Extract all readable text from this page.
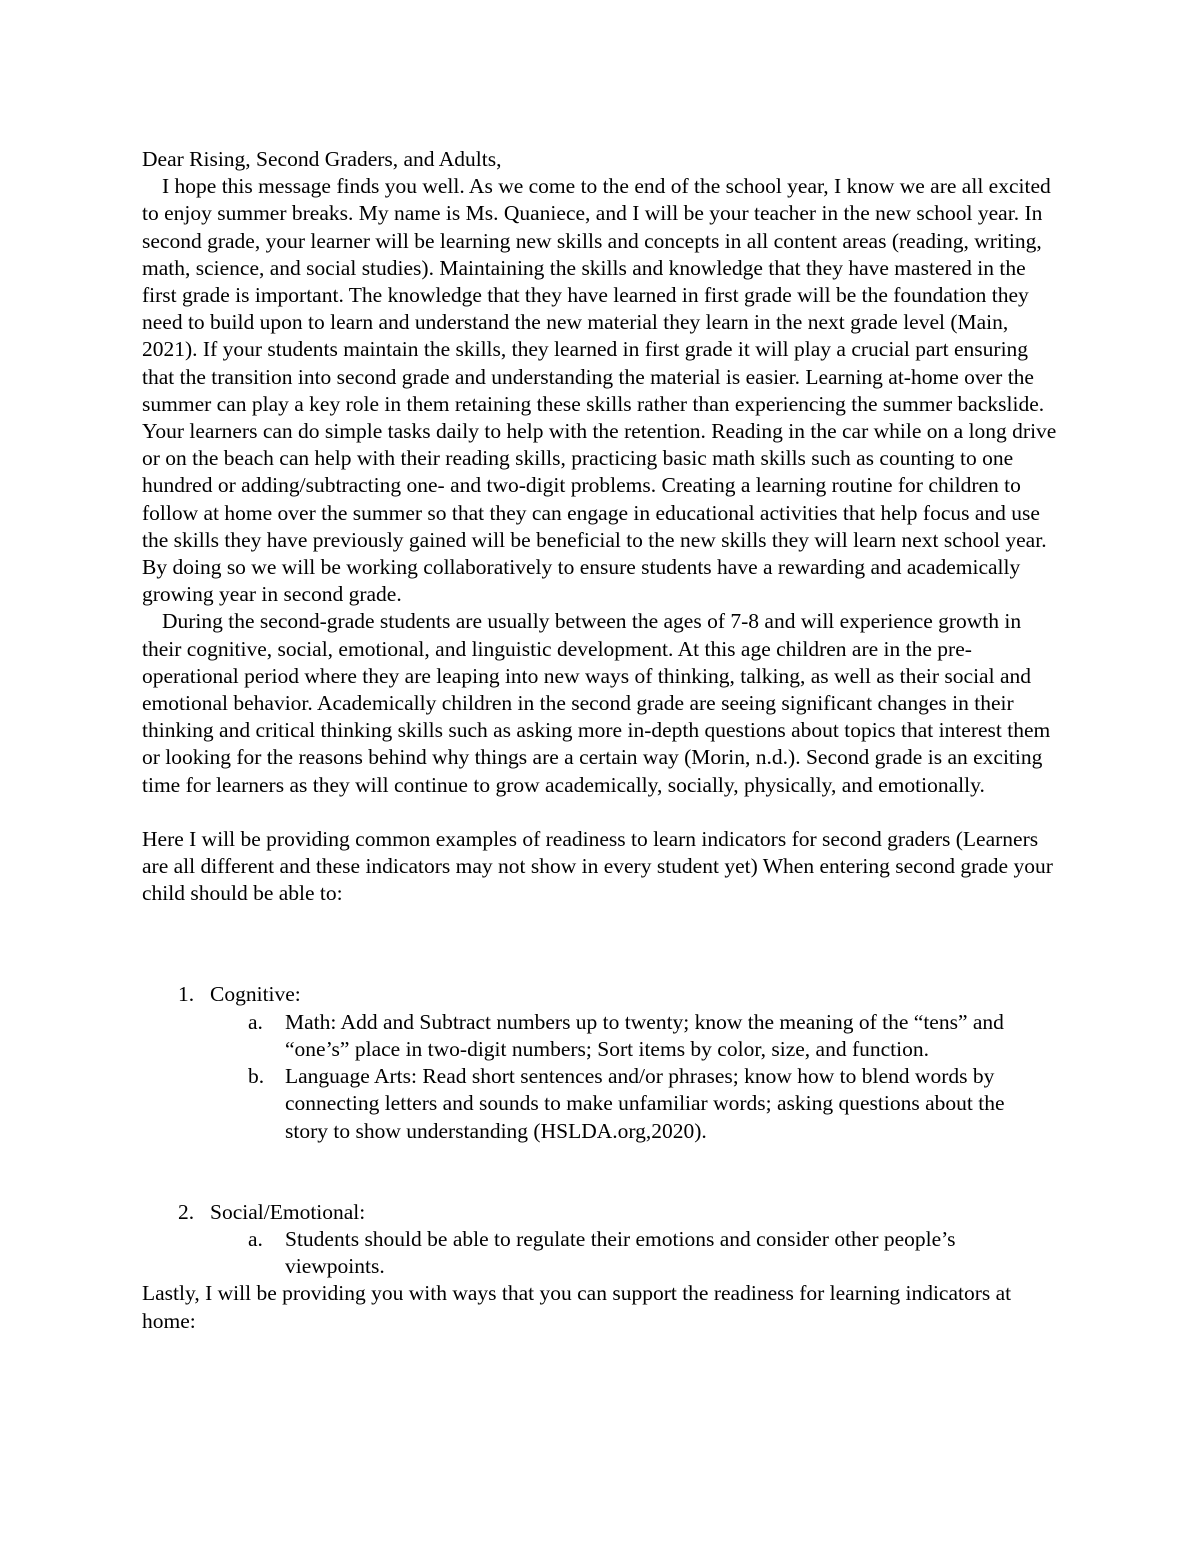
Dear Rising, Second Graders, and Adults,

I hope this message finds you well. As we come to the end of the school year, I know we are all excited to enjoy summer breaks. My name is Ms. Quaniece, and I will be your teacher in the new school year. In second grade, your learner will be learning new skills and concepts in all content areas (reading, writing, math, science, and social studies). Maintaining the skills and knowledge that they have mastered in the first grade is important. The knowledge that they have learned in first grade will be the foundation they need to build upon to learn and understand the new material they learn in the next grade level (Main, 2021). If your students maintain the skills, they learned in first grade it will play a crucial part ensuring that the transition into second grade and understanding the material is easier. Learning at-home over the summer can play a key role in them retaining these skills rather than experiencing the summer backslide. Your learners can do simple tasks daily to help with the retention. Reading in the car while on a long drive or on the beach can help with their reading skills, practicing basic math skills such as counting to one hundred or adding/subtracting one- and two-digit problems. Creating a learning routine for children to follow at home over the summer so that they can engage in educational activities that help focus and use the skills they have previously gained will be beneficial to the new skills they will learn next school year. By doing so we will be working collaboratively to ensure students have a rewarding and academically growing year in second grade.

During the second-grade students are usually between the ages of 7-8 and will experience growth in their cognitive, social, emotional, and linguistic development. At this age children are in the pre-operational period where they are leaping into new ways of thinking, talking, as well as their social and emotional behavior. Academically children in the second grade are seeing significant changes in their thinking and critical thinking skills such as asking more in-depth questions about topics that interest them or looking for the reasons behind why things are a certain way (Morin, n.d.). Second grade is an exciting time for learners as they will continue to grow academically, socially, physically, and emotionally.

Here I will be providing common examples of readiness to learn indicators for second graders (Learners are all different and these indicators may not show in every student yet) When entering second grade your child should be able to:

1. Cognitive:
a.	Math: Add and Subtract numbers up to twenty; know the meaning of the “tens” and “one’s” place in two-digit numbers; Sort items by color, size, and function.
b. Language Arts: Read short sentences and/or phrases; know how to blend words by connecting letters and sounds to make unfamiliar words; asking questions about the story to show understanding (HSLDA.org,2020).
2. Social/Emotional:
a.	Students should be able to regulate their emotions and consider other people’s viewpoints.

Lastly, I will be providing you with ways that you can support the readiness for learning indicators at home:
